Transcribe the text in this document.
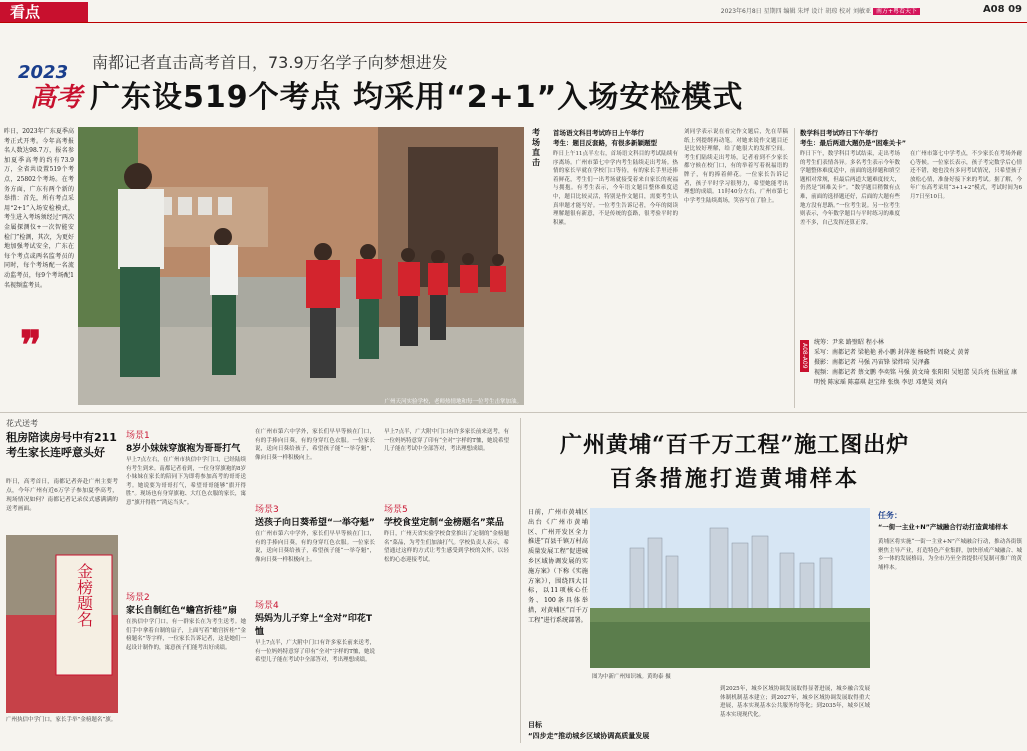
看点	2023年6月8日 星期四 编辑 朱坪 设计 胡琼 校对 刘敏亚 南方+粤看天下	A08 09
2023
高考
南都记者直击高考首日，73.9万名学子向梦想进发
广东设519个考点 均采用“2+1”入场安检模式
昨日，2023年广东夏季高考正式开考。今年高考报名人数达98.7万，报名参加夏季高考的约有73.9万，全省共设置519个考点，25802个考场。在考务方面，广东有两个新的举措：首先，所有考点采用“2+1”入场安检模式，考生进入考场须经过“两次金属探测仪+一次智能安检门”检测，其次，为更好地加强考试安全，广东在每个考点或两名监考员的同时，每个考场配一名流动监考员，每9个考场配1名视频监考员。
❞
广州天河实验学校，老师热情地和每一位考生击掌加油。
考场直击
首场语文科目考试昨日上午举行
考生：题目反套路，有很多新颖题型
昨日上午11点半左右，首场语文科目的考试陆续有序离场。广州市第七中学内考生陆续走出考场。热情的家长早就在学校门口等待，有的家长手里还捧着鲜花，考生们一出考场就接受着来自家长的祝福与拥抱。有考生表示，今年语文题目整体难度适中，题目比较灵活，特别是作文题目，需要考生认真审题才能写好。一位考生告诉记者，今年的阅读理解题很有新意，不是传统的套路，很考验平时的积累。
刘同学表示说在看完作文题后，先在草稿纸上列提纲再动笔。对她来说作文题目还是比较好理解，给了她很大的发挥空间。考生们陆续走出考场，记者看到不少家长都守候在校门口，有的举着写着祝福语的牌子，有的捧着鲜花。一位家长告诉记者，孩子平时学习很努力，希望她能考出理想的成绩。11时40分左右，广州市第七中学考生陆续离场，笑容写在了脸上。
数学科目考试昨日下午举行
考生：最后两道大题仍是“困难关卡”
昨日下午，数学科目考试结束，走出考场的考生们表情各异。多名考生表示今年数学题整体难度适中，前面的选择题和填空题相对常规，但最后两道大题难度较大，仍然是“困难关卡”。“数学题目稍微有点难，前面的选择题还好，后面的大题有些地方没有思路。”一位考生说。另一位考生则表示，今年数学题目与平时练习的难度差不多，自己发挥还算正常。
在广州市第七中学考点，不少家长在考场外耐心等候。一位家长表示，孩子考完数学后心情还不错，她也没有多问考试情况，只希望孩子放松心情，准备好接下来的考试。据了解，今年广东高考采用“3+1+2”模式，考试时间为6月7日至10日。
A08-A09
统筹：尹来 路璧昭 程小林
采写：南都记者 梁艳艳 孙小鹏 封萍莲 杨晓哲 周晓丈 黄菁
摄影：南都记者 马强 冯宙锋 梁炜培 吴泽鑫
视频：南都记者 蔡文鹏 李奕铭 马强 黄文琦 张阳阳 吴旭蕾 吴兵亮 伍娟宣 康明悦 陈家瑶 陈嘉琪 赵宝烽 张焕 李思 邓楚昊 刘向
花式送考
租房陪读房号中有211 考生家长连呼意头好
昨日，高考首日，南都记者奔赴广州主要考点，今年广州有近6万学子参加夏季高考，现场情况如何？南都记者记录仪式感满满的送考画面。
金榜题名
广州执信中学门口，家长手举“金榜题名”旗。
场景1
8岁小妹妹穿旗袍为哥哥打气
早上7点左右，在广州市执信中学门口，已经陆续有考生到来。南都记者看到，一位身穿旗袍的8岁小妹妹在家长的陪同下为即将参加高考的哥哥送考。她说要为哥哥打气，希望哥哥能够“旗开得胜”。现场也有身穿旗袍、大红色衣服的家长，寓意“旗开得胜”“鸿运当头”。
场景2
家长自制红色“蟾宫折桂”扇
在执信中学门口，有一群家长在为考生送考。她们手中拿着自制的扇子，上面写着“蟾宫折桂”“金榜题名”等字样，一位家长告诉记者，这是她们一起设计制作的，寓意孩子们能考出好成绩。
在广州市第六中学外，家长们早早等候在门口，有的手捧向日葵，有的身穿红色衣服。一位家长说，送向日葵给孩子，希望孩子能“一举夺魁”，像向日葵一样积极向上。
场景3
送孩子向日葵希望“一举夺魁”
在广州市第六中学外，家长们早早等候在门口，有的手捧向日葵，有的身穿红色衣服。一位家长说，送向日葵给孩子，希望孩子能“一举夺魁”，像向日葵一样积极向上。
场景4
妈妈为儿子穿上“全对”印花T恤
早上7点半，广大附中门口有许多家长前来送考，有一位妈妈特意穿了印有“全对”字样的T恤，她说希望儿子能在考试中全部答对，考出理想成绩。
早上7点半，广大附中门口有许多家长前来送考，有一位妈妈特意穿了印有“全对”字样的T恤，她说希望儿子能在考试中全部答对，考出理想成绩。
场景5
学校食堂定制“金榜题名”菜品
昨日，广州天省实验学校食堂推出了定制的“金榜题名”菜品，为考生们加油打气。学校负责人表示，希望通过这样的方式让考生感受到学校的关怀，以轻松的心态迎接考试。
广州黄埔“百千万工程”施工图出炉
百条措施打造黄埔样本
日前，广州市黄埔区出台《广州市黄埔区、广州开发区全力推进“百县千镇万村高质量发展工程”促进城乡区域协调发展的实施方案》（下称《实施方案》），围绕四大目标，以11项核心任务、100条具体举措，对黄埔区“百千万工程”进行系统部署。
图为中新广州知识城。黄昀泰 摄
目标
“四步走”推动城乡区域协调高质量发展
到2025年，城乡区域协调发展取得显著进展，城乡融合发展体制机制基本建立；到2027年，城乡区域协调发展取得重大进展，基本实现基本公共服务均等化；到2035年，城乡区域基本实现现代化。
任务：
“一街一主业+N”产城融合行动打造黄埔样本
黄埔区将实施“一街一主业+N”产城融合行动，推动各街镇聚焦主导产业，打造特色产业集群，加快形成产城融合、城乡一体的发展格局，为全市乃至全省提供可复制可推广的黄埔样本。
